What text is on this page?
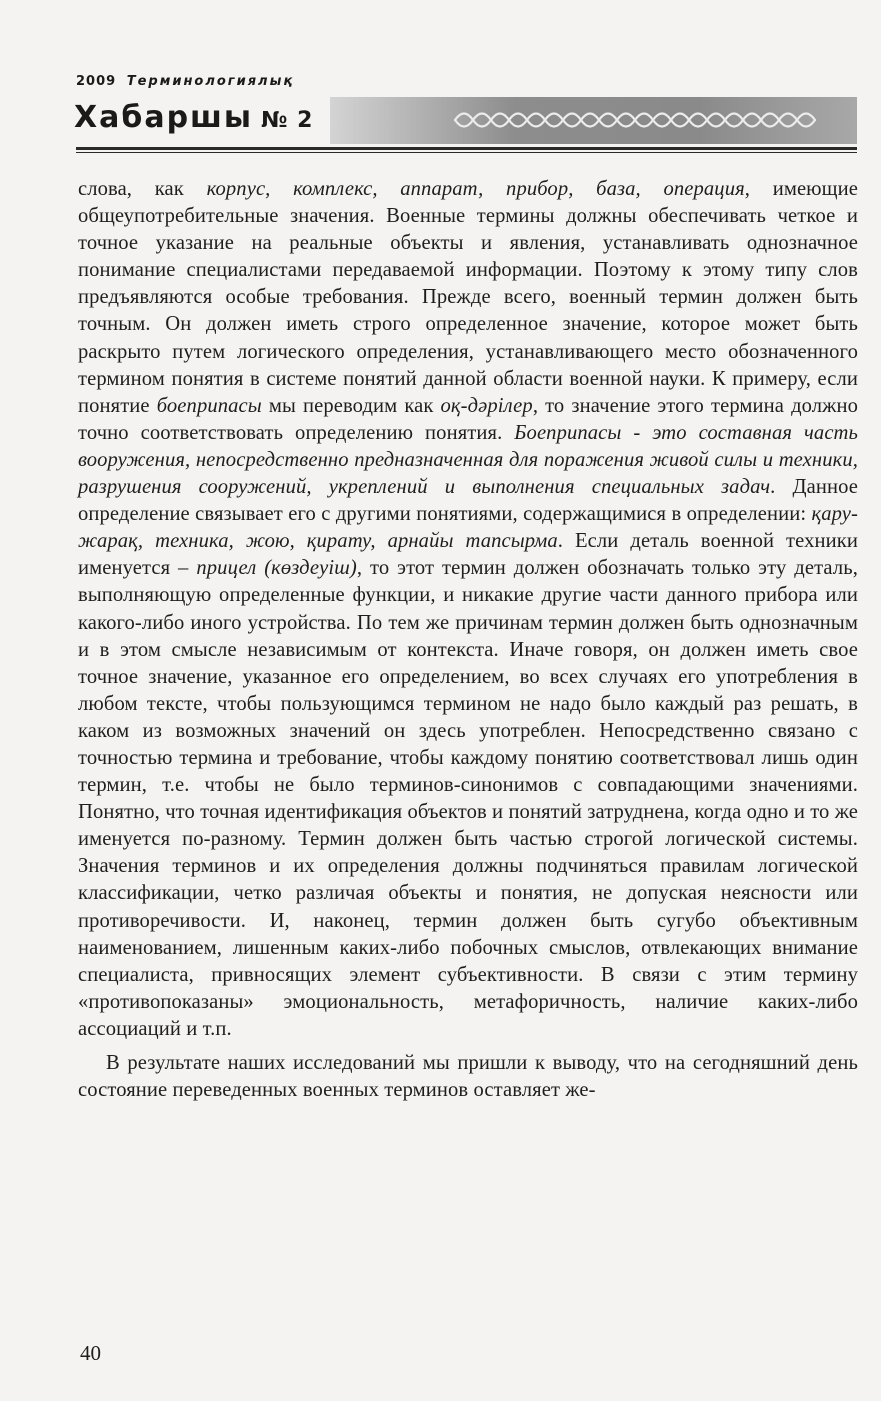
2009 Терминологиялық
Хабаршы № 2

слова, как корпус, комплекс, аппарат, прибор, база, операция, имеющие общеупотребительные значения. Военные термины должны обеспечивать четкое и точное указание на реальные объекты и явления, устанавливать однозначное понимание специалистами передаваемой информации. Поэтому к этому типу слов предъявляются особые требования. Прежде всего, военный термин должен быть точным. Он должен иметь строго определенное значение, которое может быть раскрыто путем логического определения, устанавливающего место обозначенного термином понятия в системе понятий данной области военной науки. К примеру, если понятие боеприпасы мы переводим как оқ-дәрілер, то значение этого термина должно точно соответствовать определению понятия. Боеприпасы - это составная часть вооружения, непосредственно предназначенная для поражения живой силы и техники, разрушения сооружений, укреплений и выполнения специальных задач. Данное определение связывает его с другими понятиями, содержащимися в определении: қару-жарақ, техника, жою, қирату, арнайы тапсырма. Если деталь военной техники именуется – прицел (көздеуіш), то этот термин должен обозначать только эту деталь, выполняющую определенные функции, и никакие другие части данного прибора или какого-либо иного устройства. По тем же причинам термин должен быть однозначным и в этом смысле независимым от контекста. Иначе говоря, он должен иметь свое точное значение, указанное его определением, во всех случаях его употребления в любом тексте, чтобы пользующимся термином не надо было каждый раз решать, в каком из возможных значений он здесь употреблен. Непосредственно связано с точностью термина и требование, чтобы каждому понятию соответствовал лишь один термин, т.е. чтобы не было терминов-синонимов с совпадающими значениями. Понятно, что точная идентификация объектов и понятий затруднена, когда одно и то же именуется по-разному. Термин должен быть частью строгой логической системы. Значения терминов и их определения должны подчиняться правилам логической классификации, четко различая объекты и понятия, не допуская неясности или противоречивости. И, наконец, термин должен быть сугубо объективным наименованием, лишенным каких-либо побочных смыслов, отвлекающих внимание специалиста, привносящих элемент субъективности. В связи с этим термину «противопоказаны» эмоциональность, метафоричность, наличие каких-либо ассоциаций и т.п.

В результате наших исследований мы пришли к выводу, что на сегодняшний день состояние переведенных военных терминов оставляет же-

40
